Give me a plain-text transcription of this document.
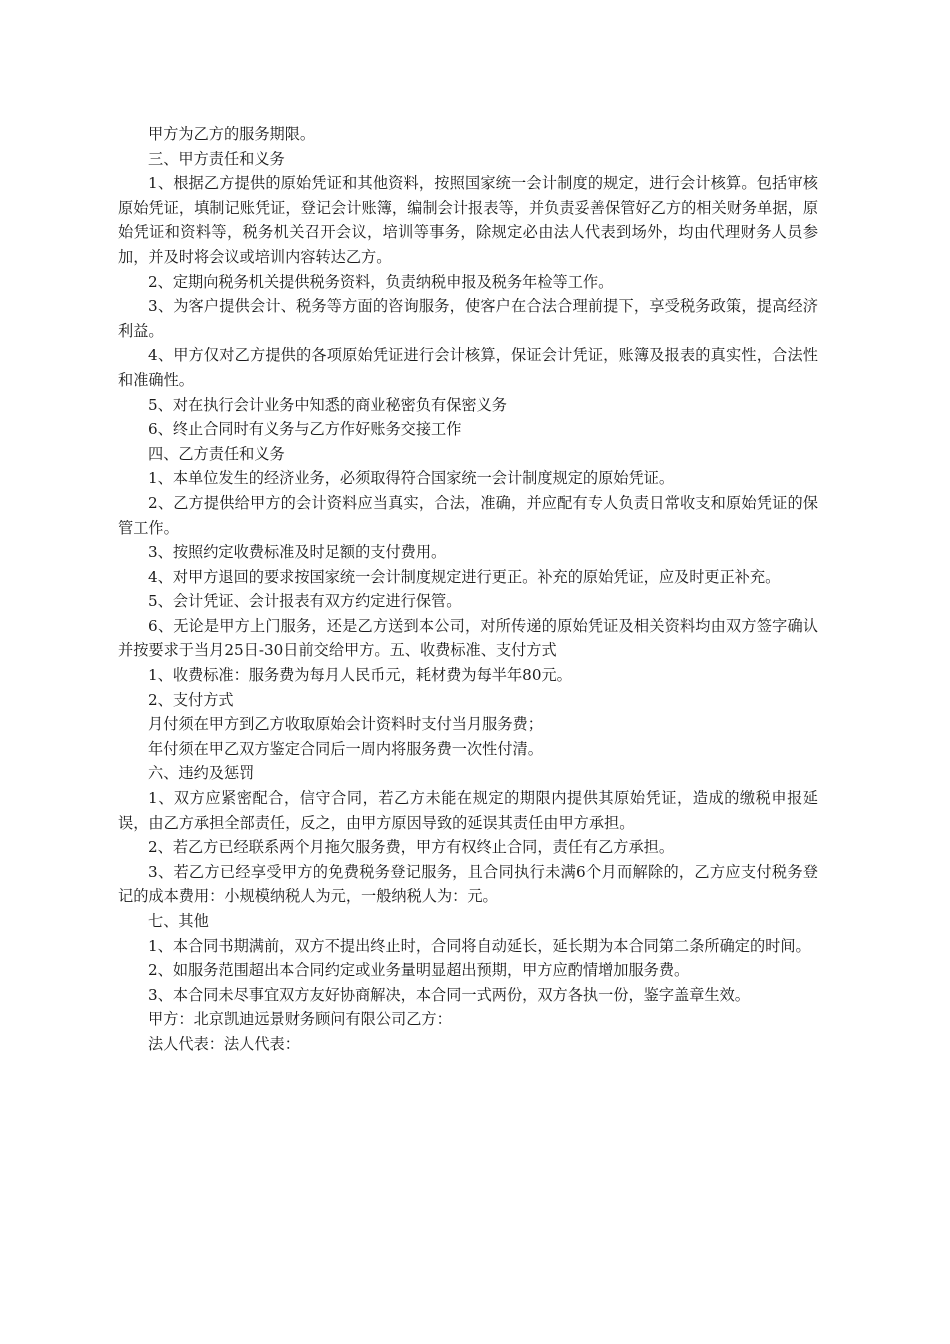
甲方为乙方的服务期限。

三、甲方责任和义务

1、根据乙方提供的原始凭证和其他资料，按照国家统一会计制度的规定，进行会计核算。包括审核原始凭证，填制记账凭证，登记会计账簿，编制会计报表等，并负责妥善保管好乙方的相关财务单据，原始凭证和资料等，税务机关召开会议，培训等事务，除规定必由法人代表到场外，均由代理财务人员参加，并及时将会议或培训内容转达乙方。

2、定期向税务机关提供税务资料，负责纳税申报及税务年检等工作。

3、为客户提供会计、税务等方面的咨询服务，使客户在合法合理前提下，享受税务政策，提高经济利益。

4、甲方仅对乙方提供的各项原始凭证进行会计核算，保证会计凭证，账簿及报表的真实性，合法性和准确性。

5、对在执行会计业务中知悉的商业秘密负有保密义务

6、终止合同时有义务与乙方作好账务交接工作

四、乙方责任和义务

1、本单位发生的经济业务，必须取得符合国家统一会计制度规定的原始凭证。

2、乙方提供给甲方的会计资料应当真实，合法，准确，并应配有专人负责日常收支和原始凭证的保管工作。

3、按照约定收费标准及时足额的支付费用。

4、对甲方退回的要求按国家统一会计制度规定进行更正。补充的原始凭证，应及时更正补充。

5、会计凭证、会计报表有双方约定进行保管。

6、无论是甲方上门服务，还是乙方送到本公司，对所传递的原始凭证及相关资料均由双方签字确认并按要求于当月25日-30日前交给甲方。五、收费标准、支付方式

1、收费标准：服务费为每月人民币元，耗材费为每半年80元。

2、支付方式

月付须在甲方到乙方收取原始会计资料时支付当月服务费；

年付须在甲乙双方鉴定合同后一周内将服务费一次性付清。

六、违约及惩罚

1、双方应紧密配合，信守合同，若乙方未能在规定的期限内提供其原始凭证，造成的缴税申报延误，由乙方承担全部责任，反之，由甲方原因导致的延误其责任由甲方承担。

2、若乙方已经联系两个月拖欠服务费，甲方有权终止合同，责任有乙方承担。

3、若乙方已经享受甲方的免费税务登记服务，且合同执行未满6个月而解除的，乙方应支付税务登记的成本费用：小规模纳税人为元，一般纳税人为：元。

七、其他

1、本合同书期满前，双方不提出终止时，合同将自动延长，延长期为本合同第二条所确定的时间。

2、如服务范围超出本合同约定或业务量明显超出预期，甲方应酌情增加服务费。

3、本合同未尽事宜双方友好协商解决，本合同一式两份，双方各执一份，鉴字盖章生效。

甲方：北京凯迪远景财务顾问有限公司乙方：

法人代表：法人代表：
